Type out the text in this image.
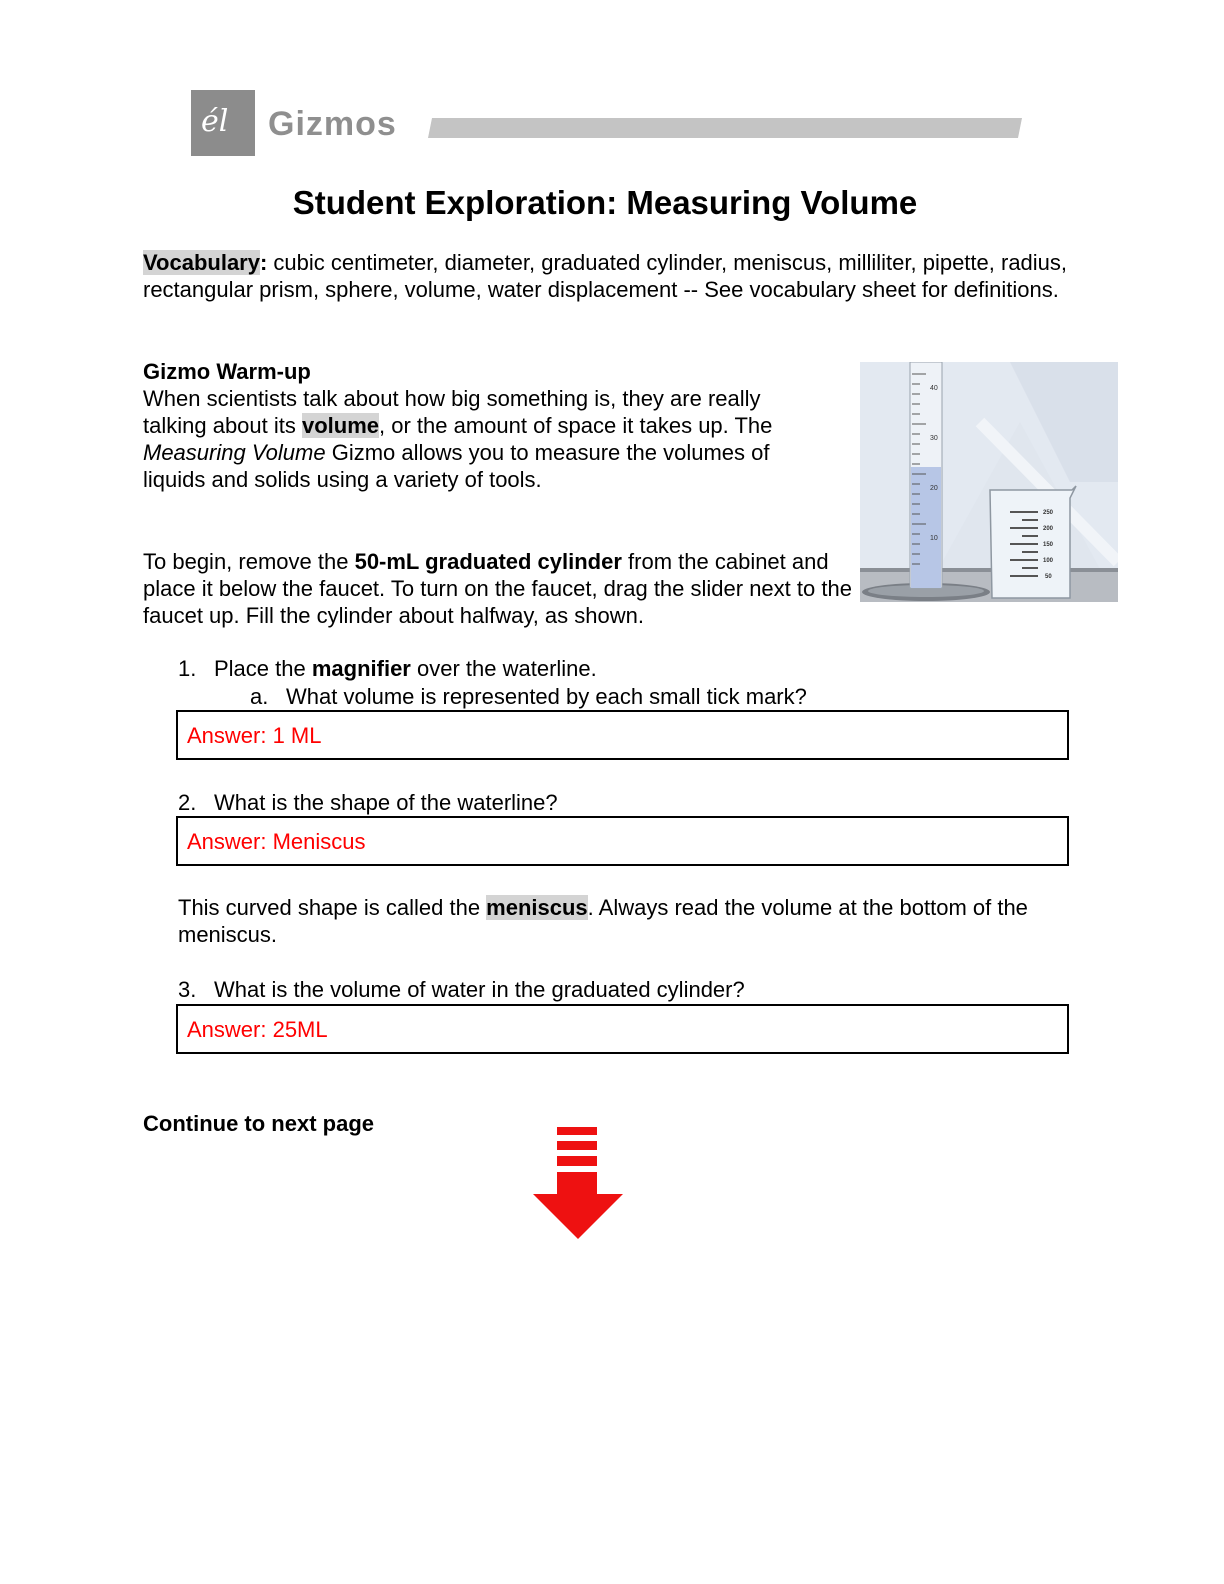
él Gizmos
Student Exploration: Measuring Volume
Vocabulary: cubic centimeter, diameter, graduated cylinder, meniscus, milliliter, pipette, radius, rectangular prism, sphere, volume, water displacement -- See vocabulary sheet for definitions.
Gizmo Warm-up
When scientists talk about how big something is, they are really talking about its volume, or the amount of space it takes up. The Measuring Volume Gizmo allows you to measure the volumes of liquids and solids using a variety of tools.
To begin, remove the 50-mL graduated cylinder from the cabinet and place it below the faucet. To turn on the faucet, drag the slider next to the faucet up. Fill the cylinder about halfway, as shown.
40
30
20
10
250
200
150
100
50
1. Place the magnifier over the waterline.
a. What volume is represented by each small tick mark?
Answer: 1 ML
2. What is the shape of the waterline?
Answer: Meniscus
This curved shape is called the meniscus. Always read the volume at the bottom of the meniscus.
3. What is the volume of water in the graduated cylinder?
Answer: 25ML
Continue to next page
